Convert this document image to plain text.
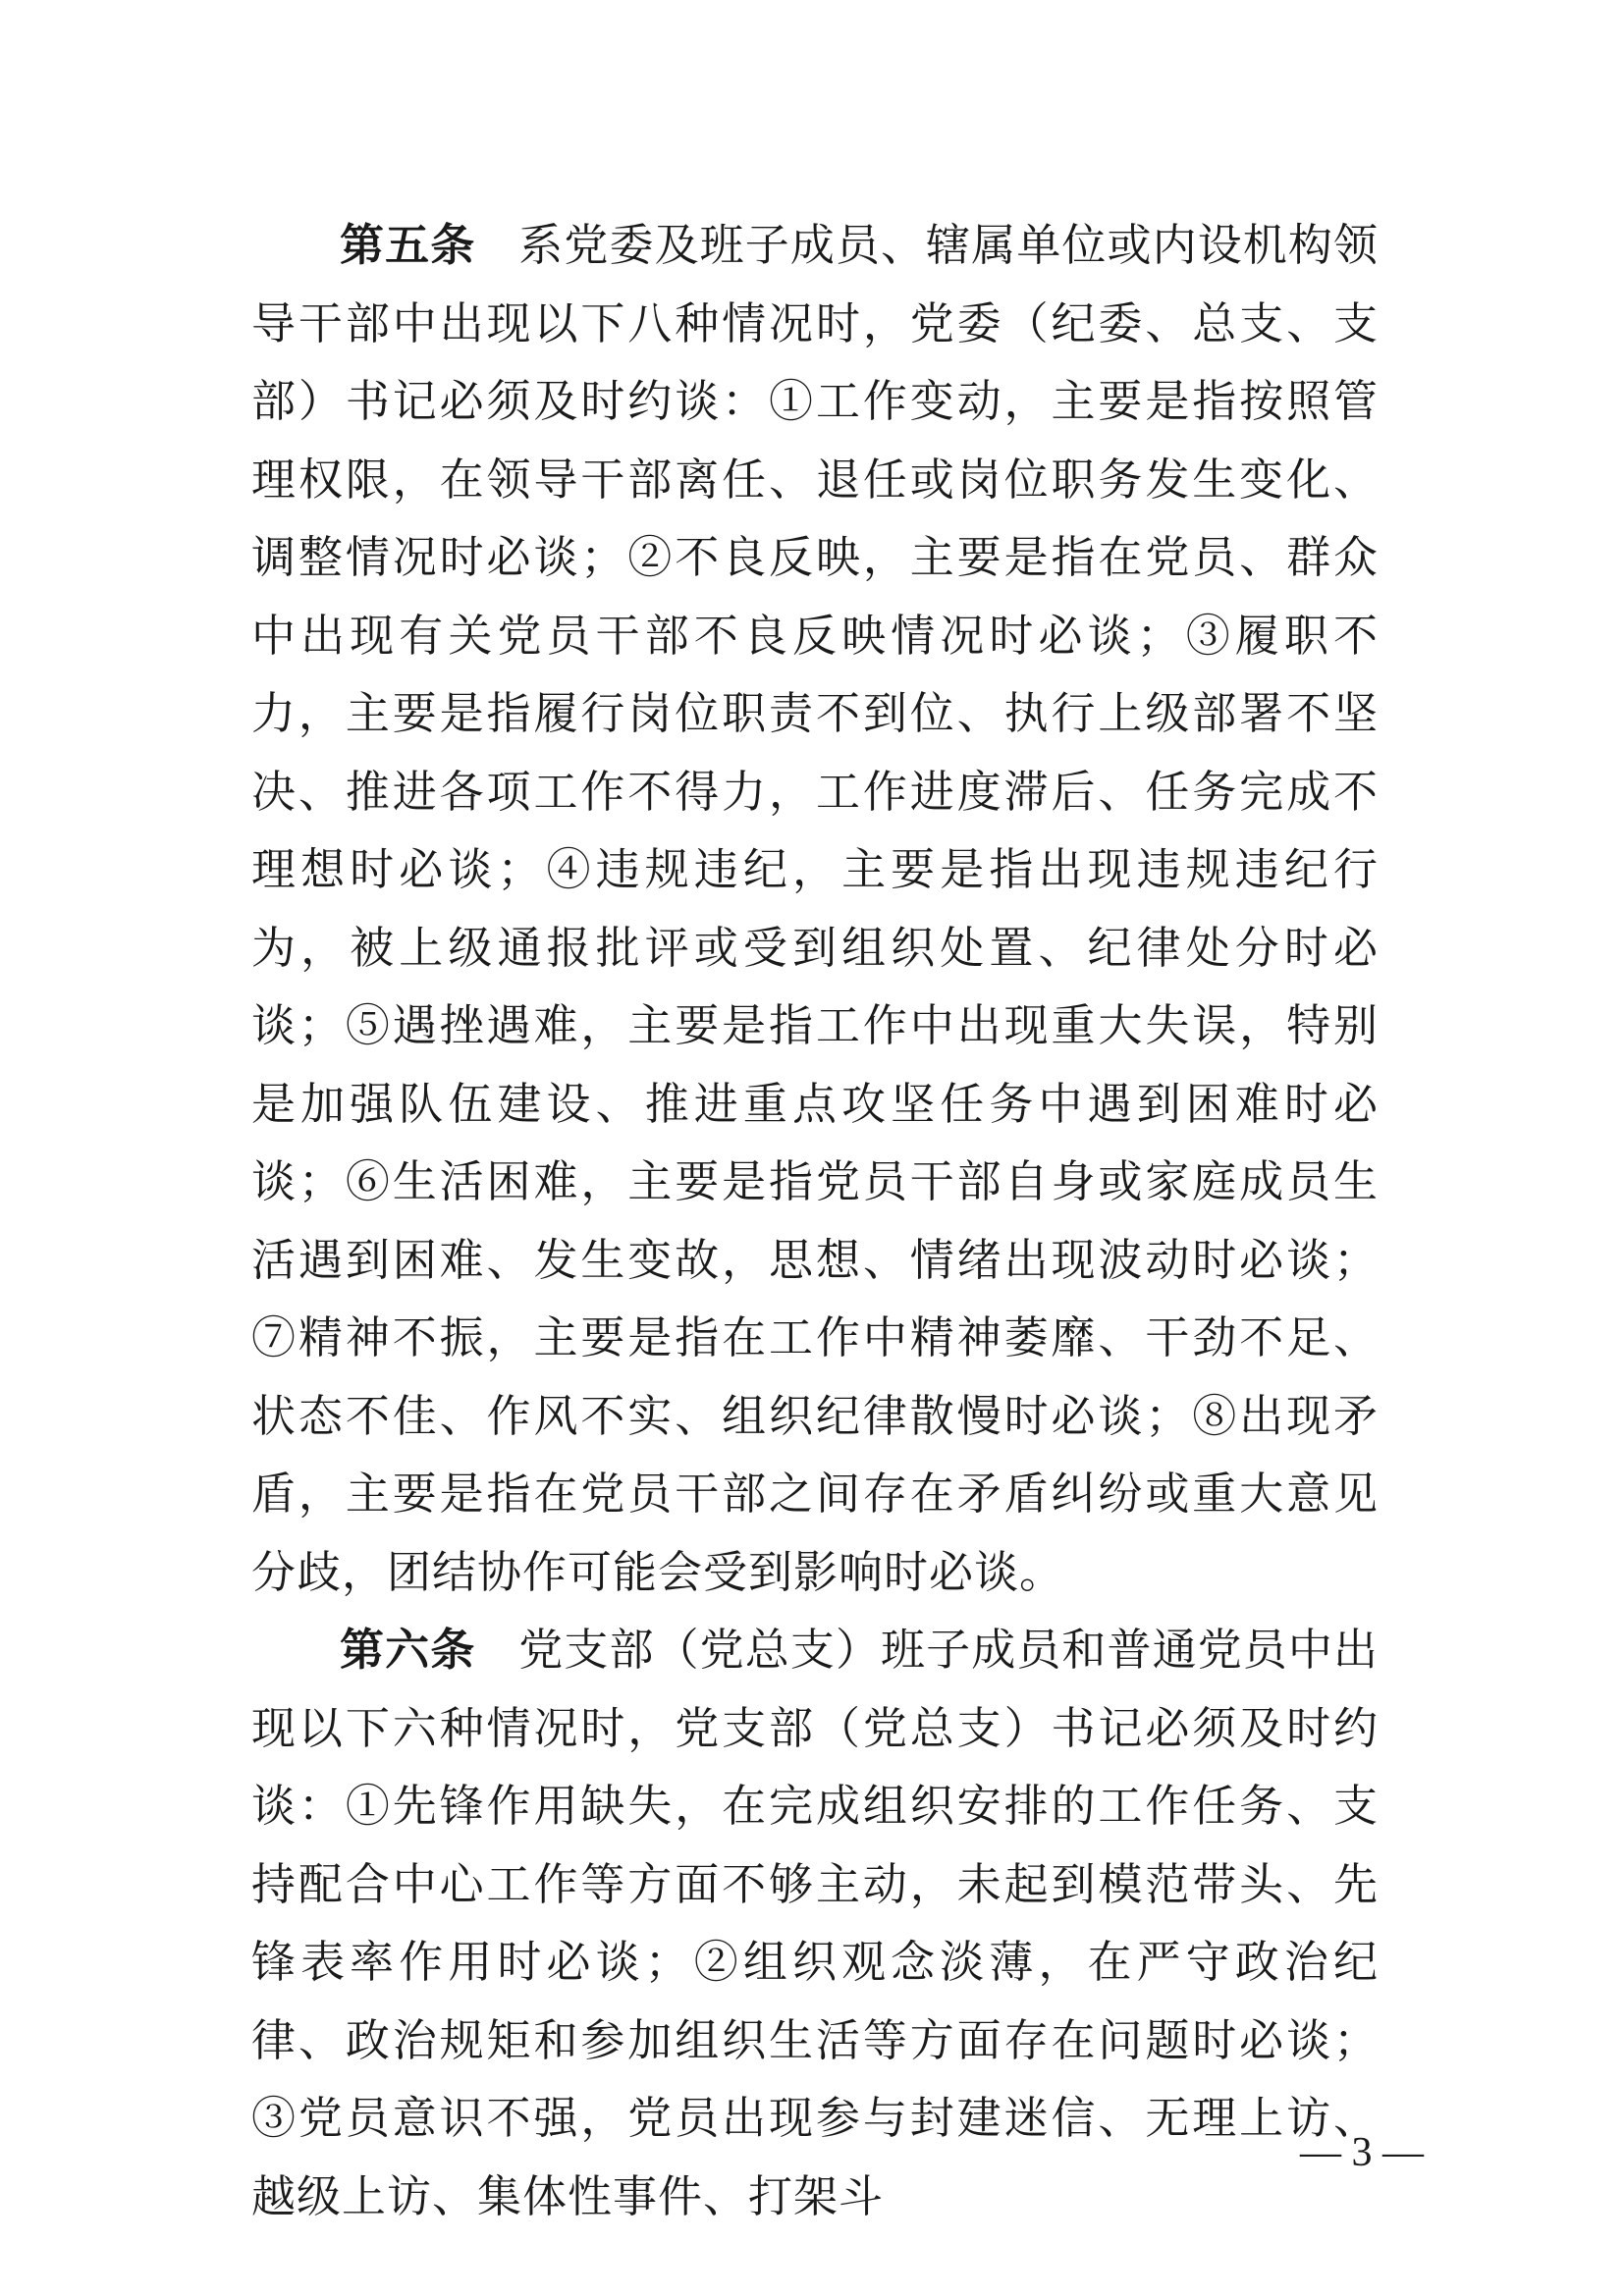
第五条 系党委及班子成员、辖属单位或内设机构领导干部中出现以下八种情况时，党委（纪委、总支、支部）书记必须及时约谈：①工作变动，主要是指按照管理权限，在领导干部离任、退任或岗位职务发生变化、调整情况时必谈；②不良反映，主要是指在党员、群众中出现有关党员干部不良反映情况时必谈；③履职不力，主要是指履行岗位职责不到位、执行上级部署不坚决、推进各项工作不得力，工作进度滞后、任务完成不理想时必谈；④违规违纪，主要是指出现违规违纪行为，被上级通报批评或受到组织处置、纪律处分时必谈；⑤遇挫遇难，主要是指工作中出现重大失误，特别是加强队伍建设、推进重点攻坚任务中遇到困难时必谈；⑥生活困难，主要是指党员干部自身或家庭成员生活遇到困难、发生变故，思想、情绪出现波动时必谈；⑦精神不振，主要是指在工作中精神萎靡、干劲不足、状态不佳、作风不实、组织纪律散慢时必谈；⑧出现矛盾，主要是指在党员干部之间存在矛盾纠纷或重大意见分歧，团结协作可能会受到影响时必谈。

第六条 党支部（党总支）班子成员和普通党员中出现以下六种情况时，党支部（党总支）书记必须及时约谈：①先锋作用缺失，在完成组织安排的工作任务、支持配合中心工作等方面不够主动，未起到模范带头、先锋表率作用时必谈；②组织观念淡薄，在严守政治纪律、政治规矩和参加组织生活等方面存在问题时必谈；③党员意识不强，党员出现参与封建迷信、无理上访、越级上访、集体性事件、打架斗

— 3 —
